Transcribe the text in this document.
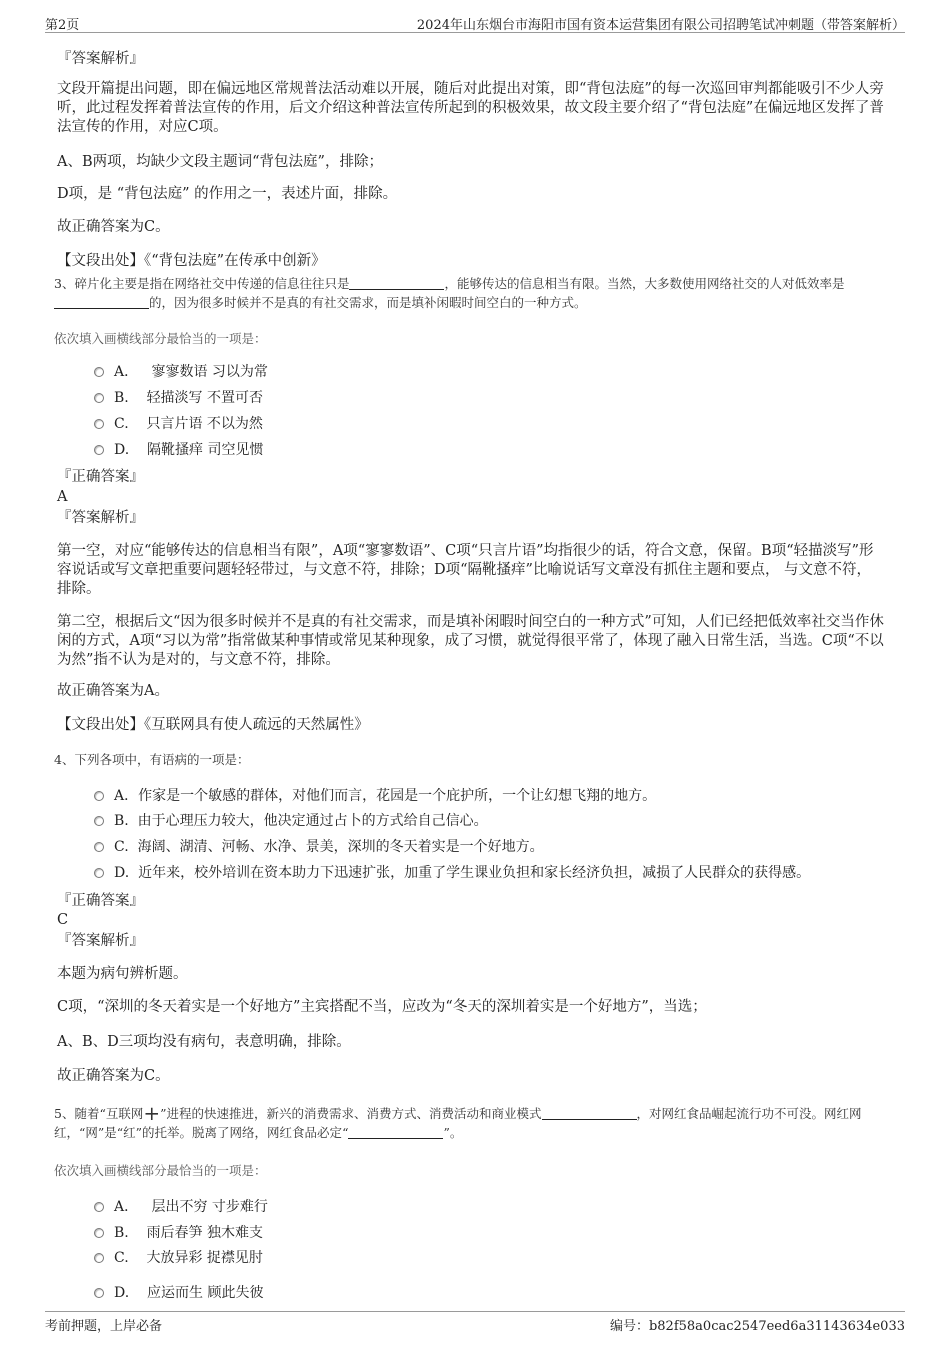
第2页	2024年山东烟台市海阳市国有资本运营集团有限公司招聘笔试冲刺题（带答案解析）
『答案解析』
文段开篇提出问题，即在偏远地区常规普法活动难以开展，随后对此提出对策，即“背包法庭”的每一次巡回审判都能吸引不少人旁听，此过程发挥着普法宣传的作用，后文介绍这种普法宣传所起到的积极效果，故文段主要介绍了“背包法庭”在偏远地区发挥了普法宣传的作用，对应C项。
A、B两项，均缺少文段主题词“背包法庭”，排除；
D项，是 “背包法庭” 的作用之一，表述片面，排除。
故正确答案为C。
【文段出处】《“背包法庭”在传承中创新》
3、碎片化主要是指在网络社交中传递的信息往往只是	，能够传达的信息相当有限。当然，大多数使用网络社交的人对低效率是的，因为很多时候并不是真的有社交需求，而是填补闲暇时间空白的一种方式。
依次填入画横线部分最恰当的一项是：
A． 寥寥数语 习以为常
B. 轻描淡写 不置可否
C. 只言片语 不以为然
D. 隔靴搔痒 司空见惯
『正确答案』
A
『答案解析』
第一空，对应“能够传达的信息相当有限”，A项“寥寥数语”、C项“只言片语”均指很少的话，符合文意，保留。B项“轻描淡写”形容说话或写文章把重要问题轻轻带过，与文意不符，排除；D项“隔靴搔痒”比喻说话写文章没有抓住主题和要点， 与文意不符， 排除。
第二空，根据后文“因为很多时候并不是真的有社交需求，而是填补闲暇时间空白的一种方式”可知，人们已经把低效率社交当作休闲的方式，A项“习以为常”指常做某种事情或常见某种现象，成了习惯，就觉得很平常了，体现了融入日常生活，当选。C项“不以为然”指不认为是对的，与文意不符，排除。
故正确答案为A。
【文段出处】《互联网具有使人疏远的天然属性》
4、下列各项中，有语病的一项是：
A．作家是一个敏感的群体，对他们而言，花园是一个庇护所，一个让幻想飞翔的地方。
B. 由于心理压力较大，他决定通过占卜的方式给自己信心。
C. 海阔、湖清、河畅、水净、景美，深圳的冬天着实是一个好地方。
D. 近年来，校外培训在资本助力下迅速扩张，加重了学生课业负担和家长经济负担，减损了人民群众的获得感。
『正确答案』
C
『答案解析』
本题为病句辨析题。
C项，“深圳的冬天着实是一个好地方”主宾搭配不当，应改为“冬天的深圳着实是一个好地方”，当选；
A、B、D三项均没有病句，表意明确，排除。
故正确答案为C。
5、随着“互联网+”进程的快速推进，新兴的消费需求、消费方式、消费活动和商业模式	，对网红食品崛起流行功不可没。网红网红，“网”是“红”的托举。脱离了网络，网红食品必定“	”。
依次填入画横线部分最恰当的一项是：
A． 层出不穷 寸步难行
B. 雨后春笋 独木难支
C. 大放异彩 捉襟见肘
D. 应运而生 顾此失彼
考前押题，上岸必备	编号：b82f58a0cac2547eed6a31143634e033
